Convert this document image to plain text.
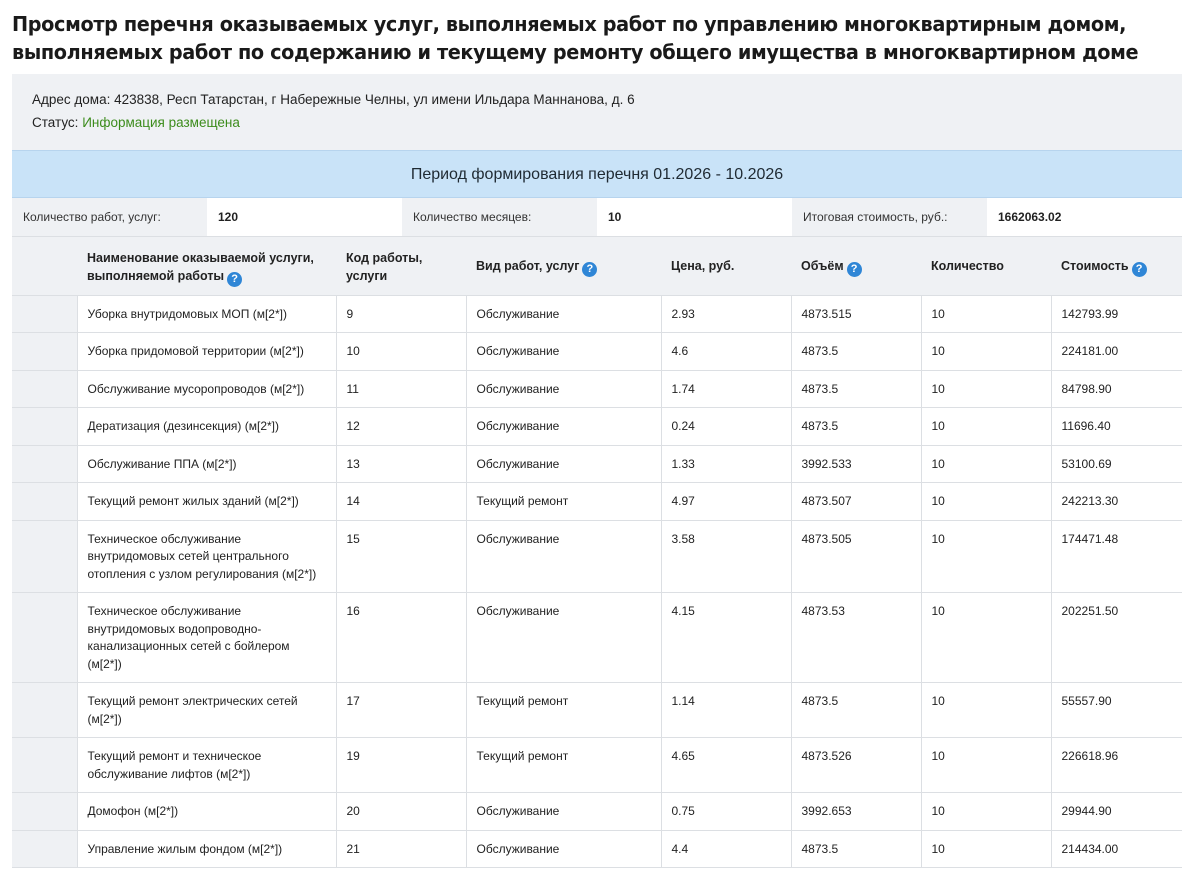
Просмотр перечня оказываемых услуг, выполняемых работ по управлению многоквартирным домом,
выполняемых работ по содержанию и текущему ремонту общего имущества в многоквартирном доме
Адрес дома: 423838, Респ Татарстан, г Набережные Челны, ул имени Ильдара Маннанова, д. 6
Статус: Информация размещена
Период формирования перечня 01.2026 - 10.2026
Количество работ, услуг:	120	Количество месяцев:	10	Итоговая стоимость, руб.:	1662063.02
	Наименование оказываемой услуги, выполняемой работы ?	Код работы, услуги	Вид работ, услуг ?	Цена, руб.	Объём ?	Количество	Стоимость ?
	Уборка внутридомовых МОП (м[2*])	9	Обслуживание	2.93	4873.515	10	142793.99
	Уборка придомовой территории (м[2*])	10	Обслуживание	4.6	4873.5	10	224181.00
	Обслуживание мусоропроводов (м[2*])	11	Обслуживание	1.74	4873.5	10	84798.90
	Дератизация (дезинсекция) (м[2*])	12	Обслуживание	0.24	4873.5	10	11696.40
	Обслуживание ППА (м[2*])	13	Обслуживание	1.33	3992.533	10	53100.69
	Текущий ремонт жилых зданий (м[2*])	14	Текущий ремонт	4.97	4873.507	10	242213.30
	Техническое обслуживание внутридомовых сетей центрального отопления с узлом регулирования (м[2*])	15	Обслуживание	3.58	4873.505	10	174471.48
	Техническое обслуживание внутридомовых водопроводно-канализационных сетей с бойлером (м[2*])	16	Обслуживание	4.15	4873.53	10	202251.50
	Текущий ремонт электрических сетей (м[2*])	17	Текущий ремонт	1.14	4873.5	10	55557.90
	Текущий ремонт и техническое обслуживание лифтов (м[2*])	19	Текущий ремонт	4.65	4873.526	10	226618.96
	Домофон (м[2*])	20	Обслуживание	0.75	3992.653	10	29944.90
	Управление жилым фондом (м[2*])	21	Обслуживание	4.4	4873.5	10	214434.00
